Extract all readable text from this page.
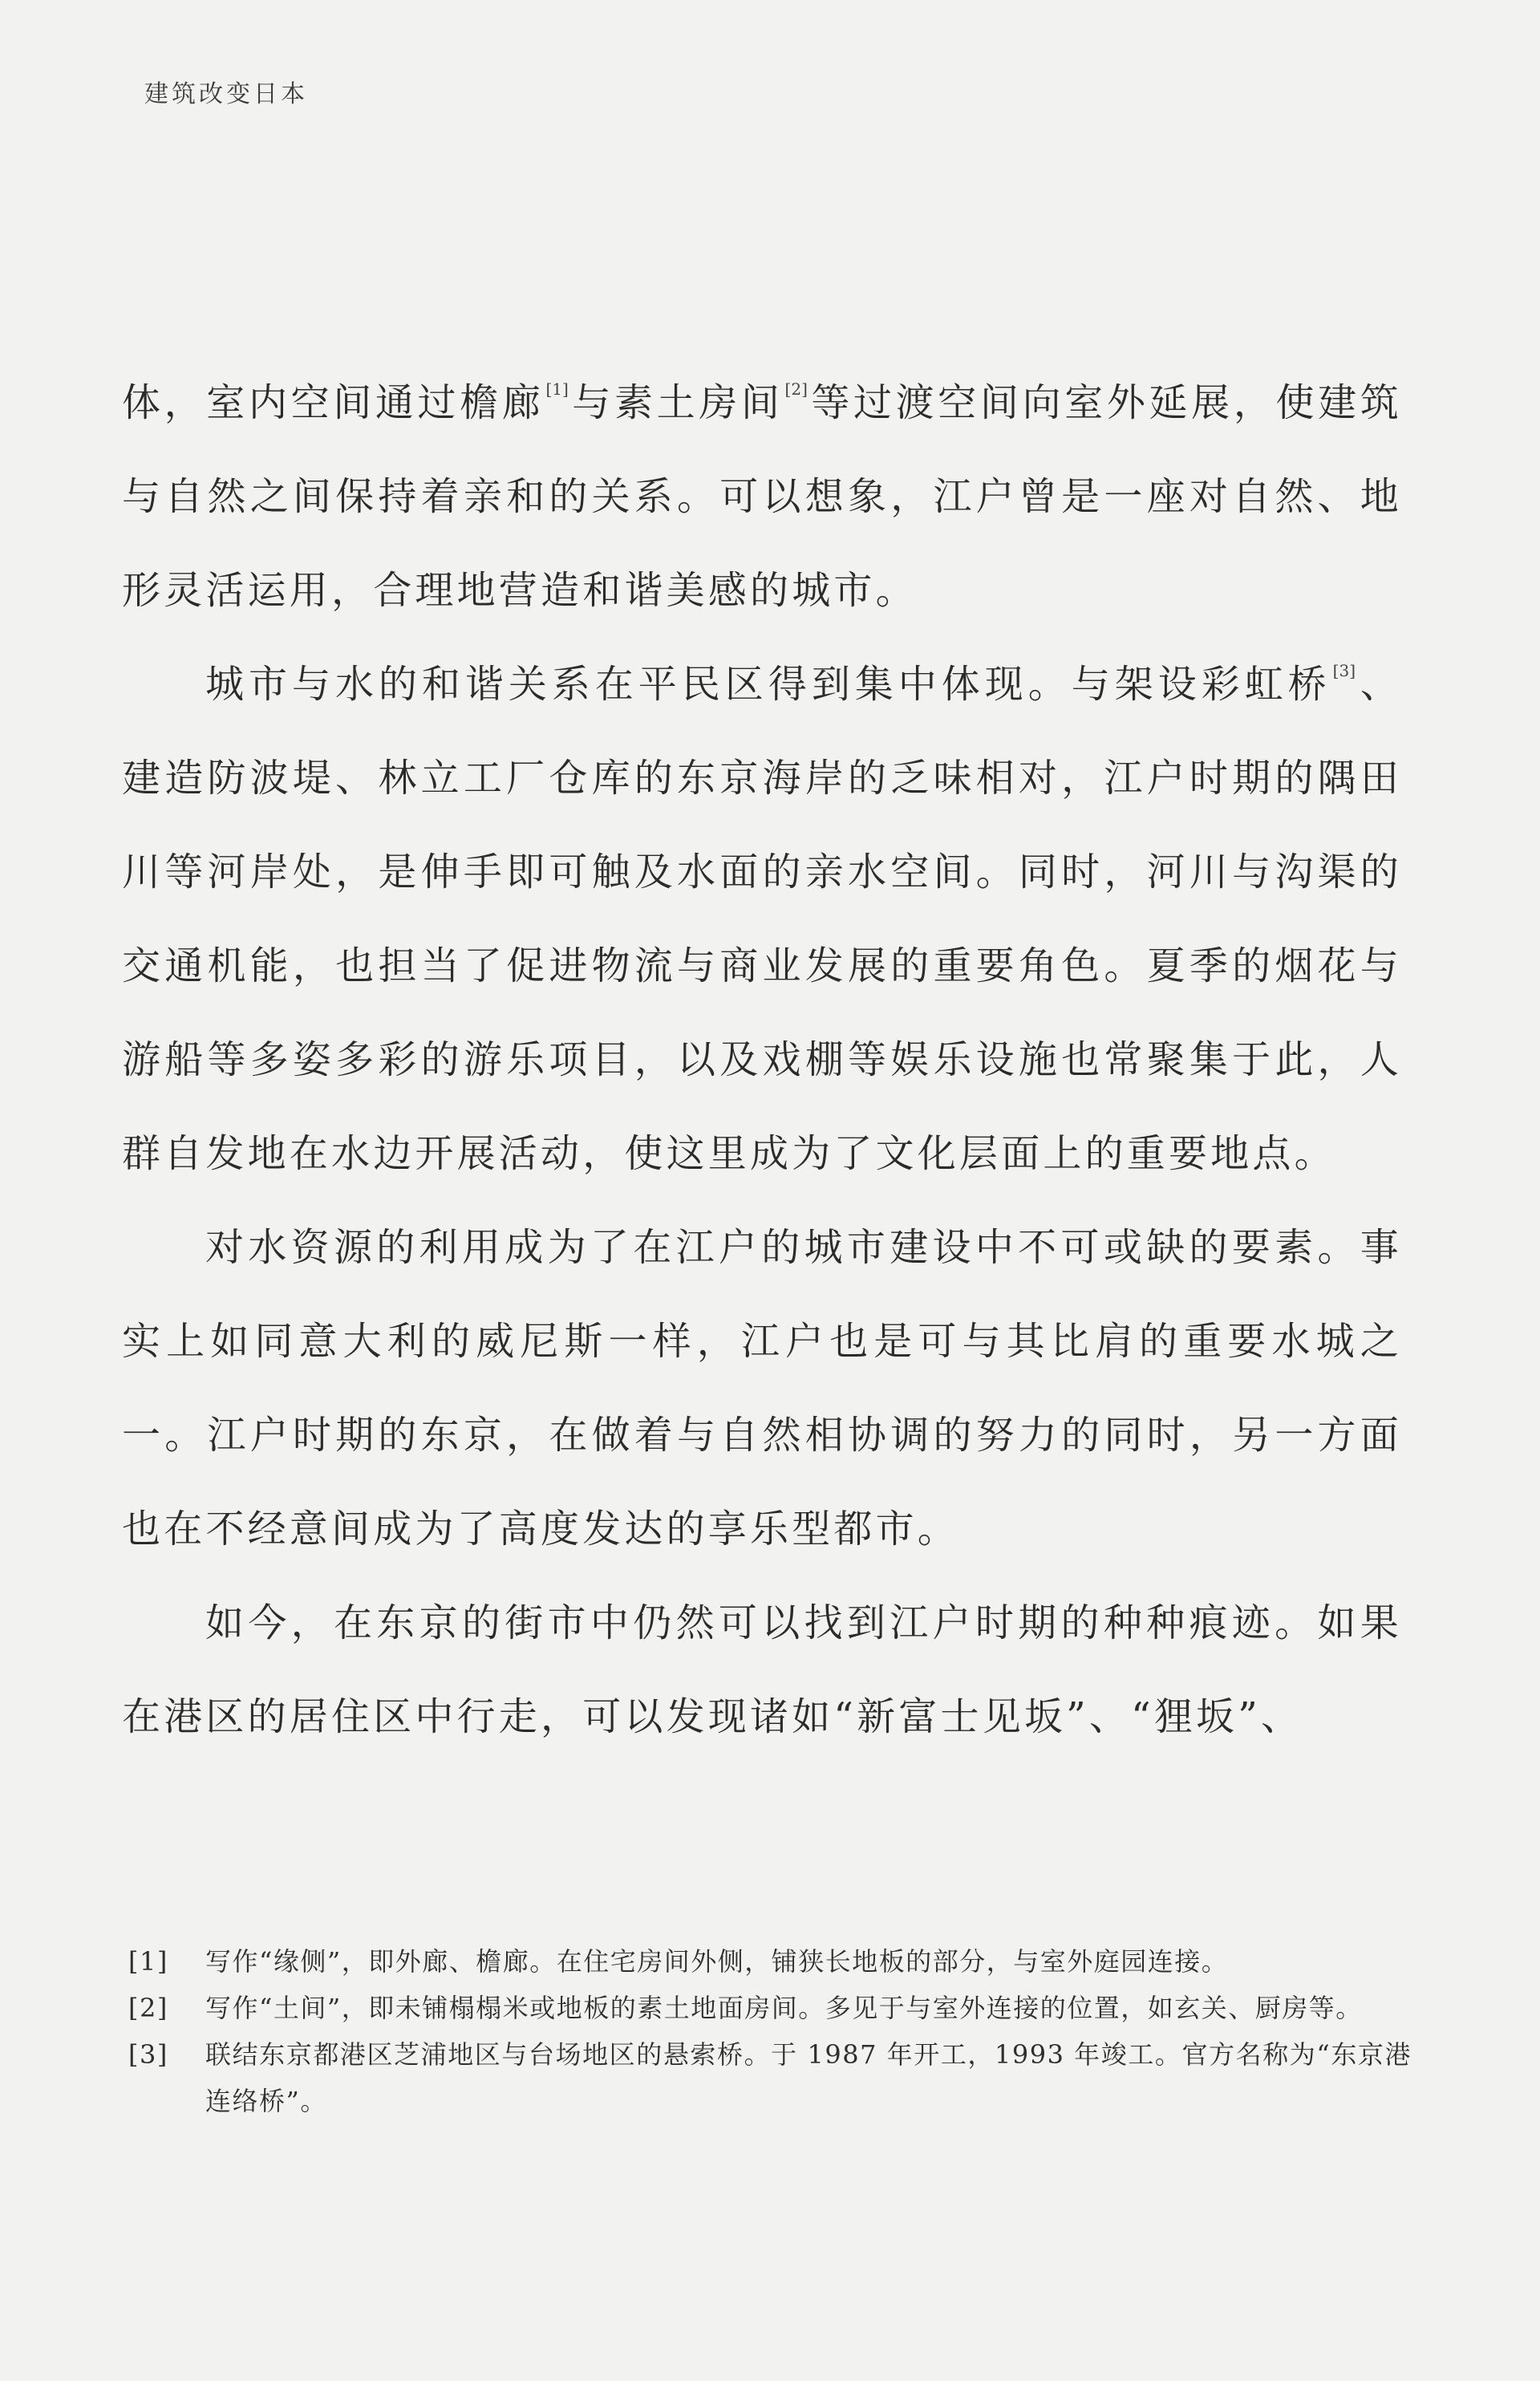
建筑改变日本

体，室内空间通过檐廊 [1]与素土房间 [2]等过渡空间向室外延展，使建筑与自然之间保持着亲和的关系。可以想象，江户曾是一座对自然、地形灵活运用，合理地营造和谐美感的城市。

城市与水的和谐关系在平民区得到集中体现。与架设彩虹桥 [3]、建造防波堤、林立工厂仓库的东京海岸的乏味相对，江户时期的隅田川等河岸处，是伸手即可触及水面的亲水空间。同时，河川与沟渠的交通机能，也担当了促进物流与商业发展的重要角色。夏季的烟花与游船等多姿多彩的游乐项目，以及戏棚等娱乐设施也常聚集于此，人群自发地在水边开展活动，使这里成为了文化层面上的重要地点。

对水资源的利用成为了在江户的城市建设中不可或缺的要素。事实上如同意大利的威尼斯一样，江户也是可与其比肩的重要水城之一。江户时期的东京，在做着与自然相协调的努力的同时，另一方面也在不经意间成为了高度发达的享乐型都市。

如今，在东京的街市中仍然可以找到江户时期的种种痕迹。如果在港区的居住区中行走，可以发现诸如“新富士见坂”、“狸坂”、

[1]	写作“缘侧”，即外廊、檐廊。在住宅房间外侧，铺狭长地板的部分，与室外庭园连接。
[2]	写作“土间”，即未铺榻榻米或地板的素土地面房间。多见于与室外连接的位置，如玄关、厨房等。
[3]	联结东京都港区芝浦地区与台场地区的悬索桥。于 1987 年开工，1993 年竣工。官方名称为“东京港连络桥”。
